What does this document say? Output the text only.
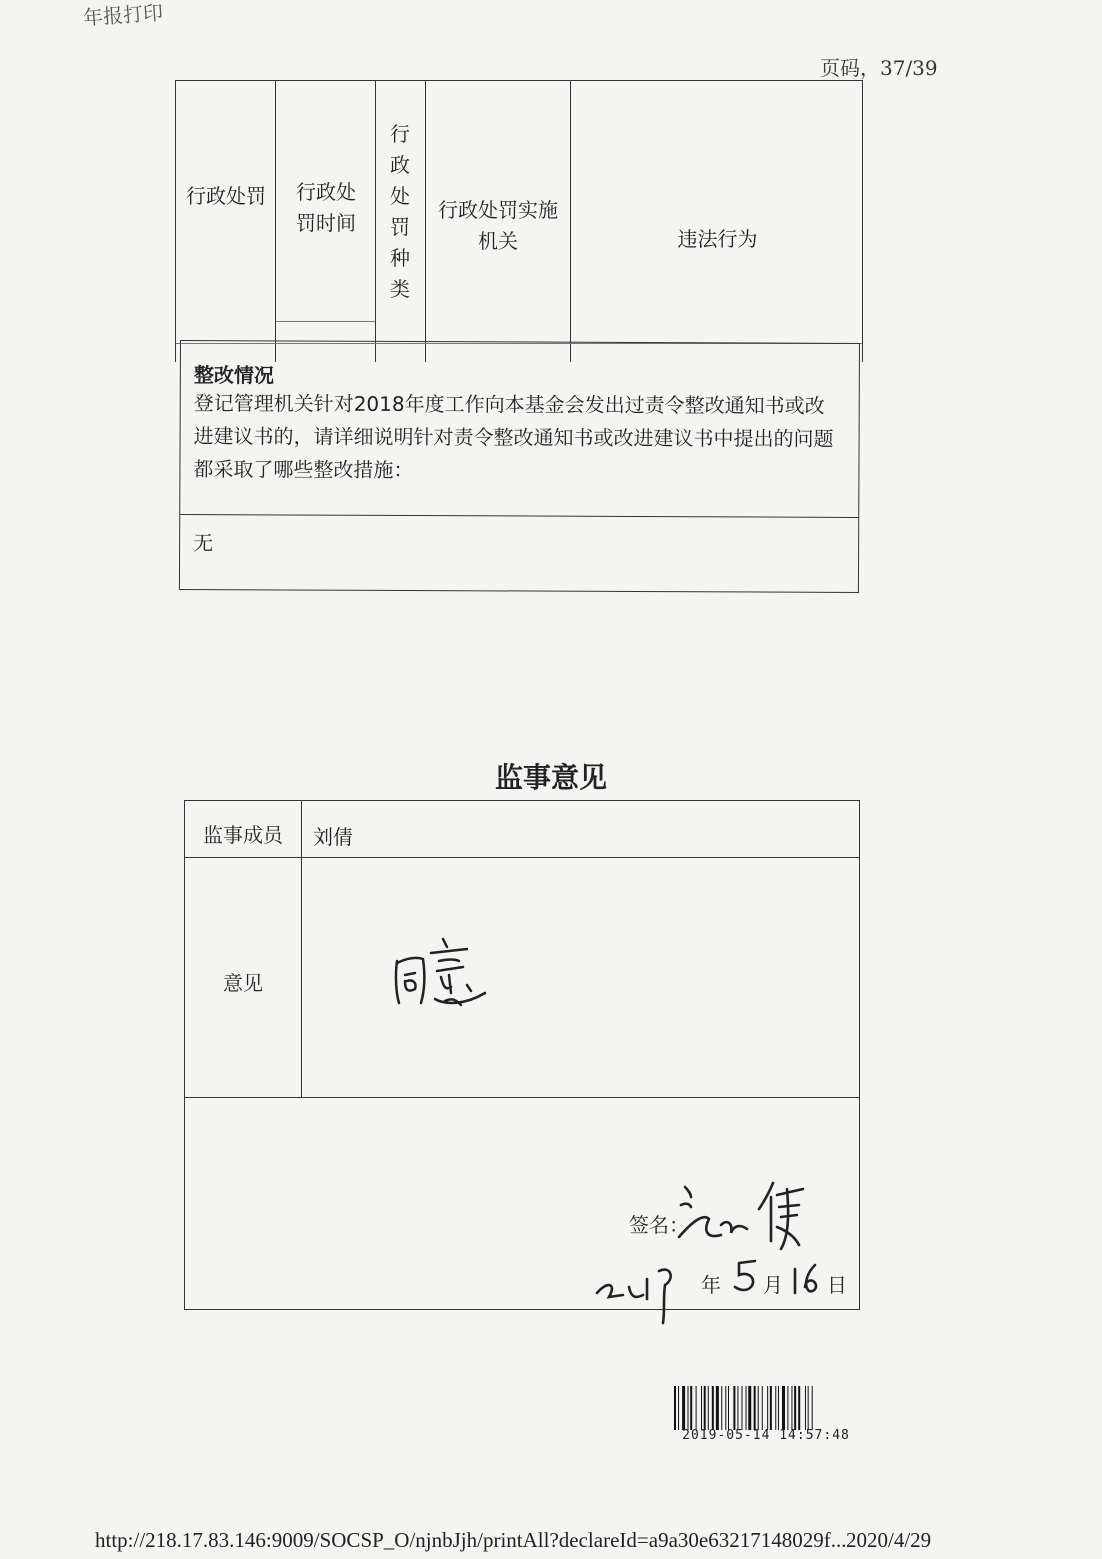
年报打印
页码，37/39
行政处罚	行政处罚时间
行政处罚种类
行政处罚实施机关	违法行为
整改情况
登记管理机关针对2018年度工作向本基金会发出过责令整改通知书或改进建议书的，请详细说明针对责令整改通知书或改进建议书中提出的问题都采取了哪些整改措施：
无
监事意见
监事成员 刘倩
意见
签名：
年 月 日
2019-05-14 14:57:48
http://218.17.83.146:9009/SOCSP_O/njnbJjh/printAll?declareId=a9a30e63217148029f... 2020/4/29
